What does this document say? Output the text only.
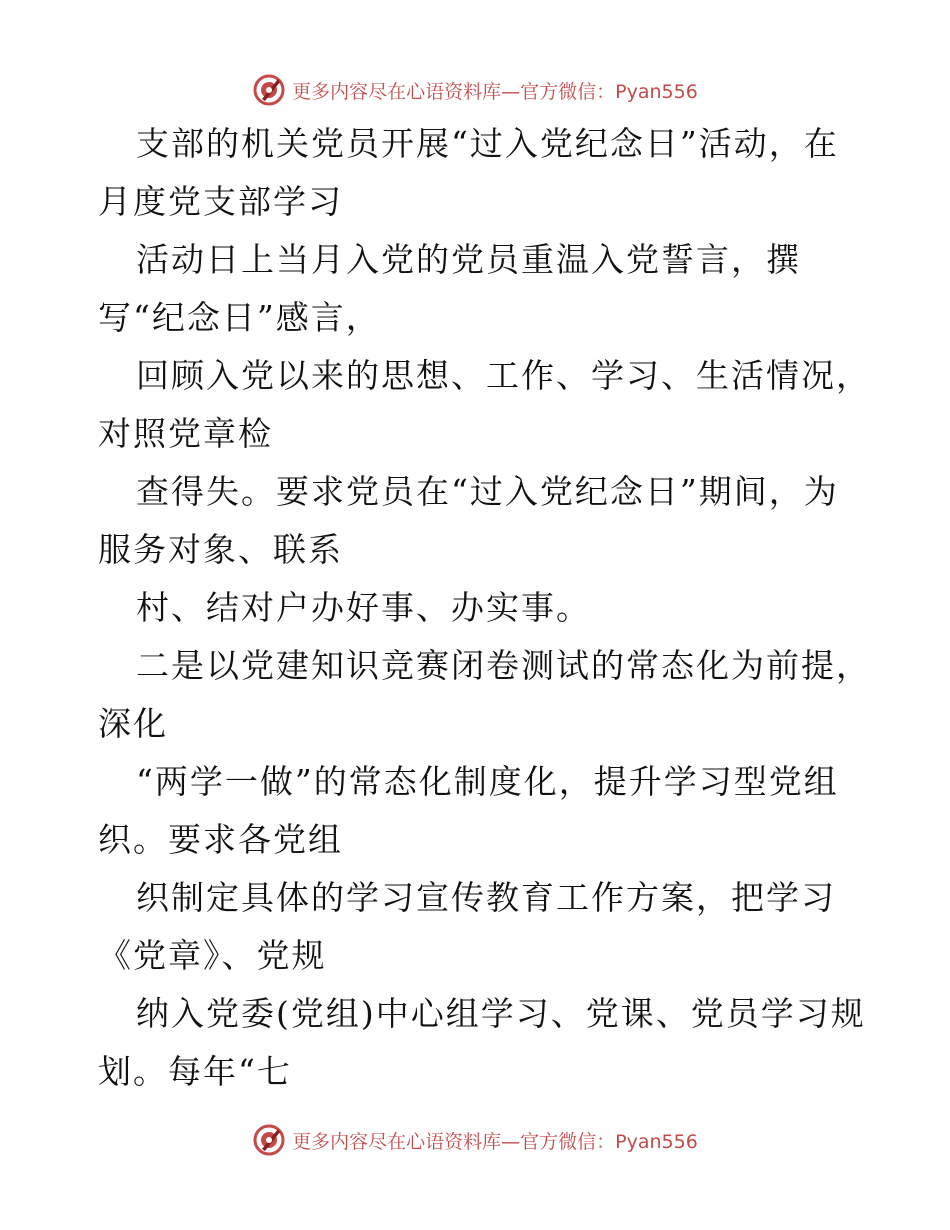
更多内容尽在心语资料库—官方微信：Pyan556
支部的机关党员开展“过入党纪念日”活动，在
月度党支部学习
活动日上当月入党的党员重温入党誓言，撰
写“纪念日”感言，
回顾入党以来的思想、工作、学习、生活情况，
对照党章检
查得失。要求党员在“过入党纪念日”期间，为
服务对象、联系
村、结对户办好事、办实事。
二是以党建知识竞赛闭卷测试的常态化为前提，
深化
“两学一做”的常态化制度化，提升学习型党组
织。要求各党组
织制定具体的学习宣传教育工作方案，把学习
《党章》、党规
纳入党委(党组)中心组学习、党课、党员学习规
划。每年“七
更多内容尽在心语资料库—官方微信：Pyan556
